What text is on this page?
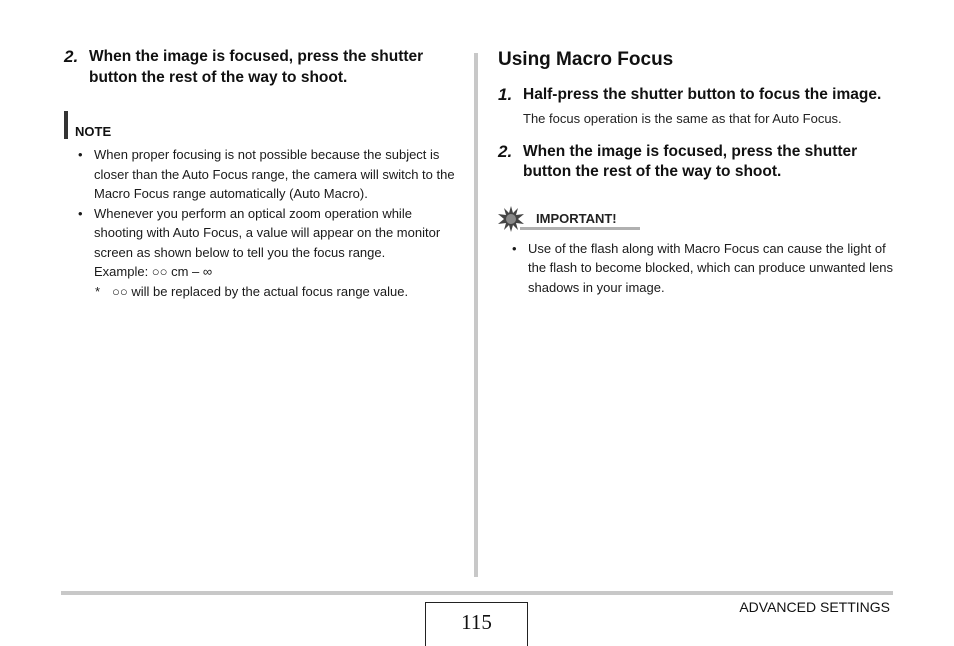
2. When the image is focused, press the shutter button the rest of the way to shoot.
NOTE
• When proper focusing is not possible because the subject is closer than the Auto Focus range, the camera will switch to the Macro Focus range automatically (Auto Macro).
• Whenever you perform an optical zoom operation while shooting with Auto Focus, a value will appear on the monitor screen as shown below to tell you the focus range.
Example: ○○ cm – ∞
* ○○ will be replaced by the actual focus range value.
Using Macro Focus
1. Half-press the shutter button to focus the image.
The focus operation is the same as that for Auto Focus.
2. When the image is focused, press the shutter button the rest of the way to shoot.
IMPORTANT!
• Use of the flash along with Macro Focus can cause the light of the flash to become blocked, which can produce unwanted lens shadows in your image.
115
ADVANCED SETTINGS
